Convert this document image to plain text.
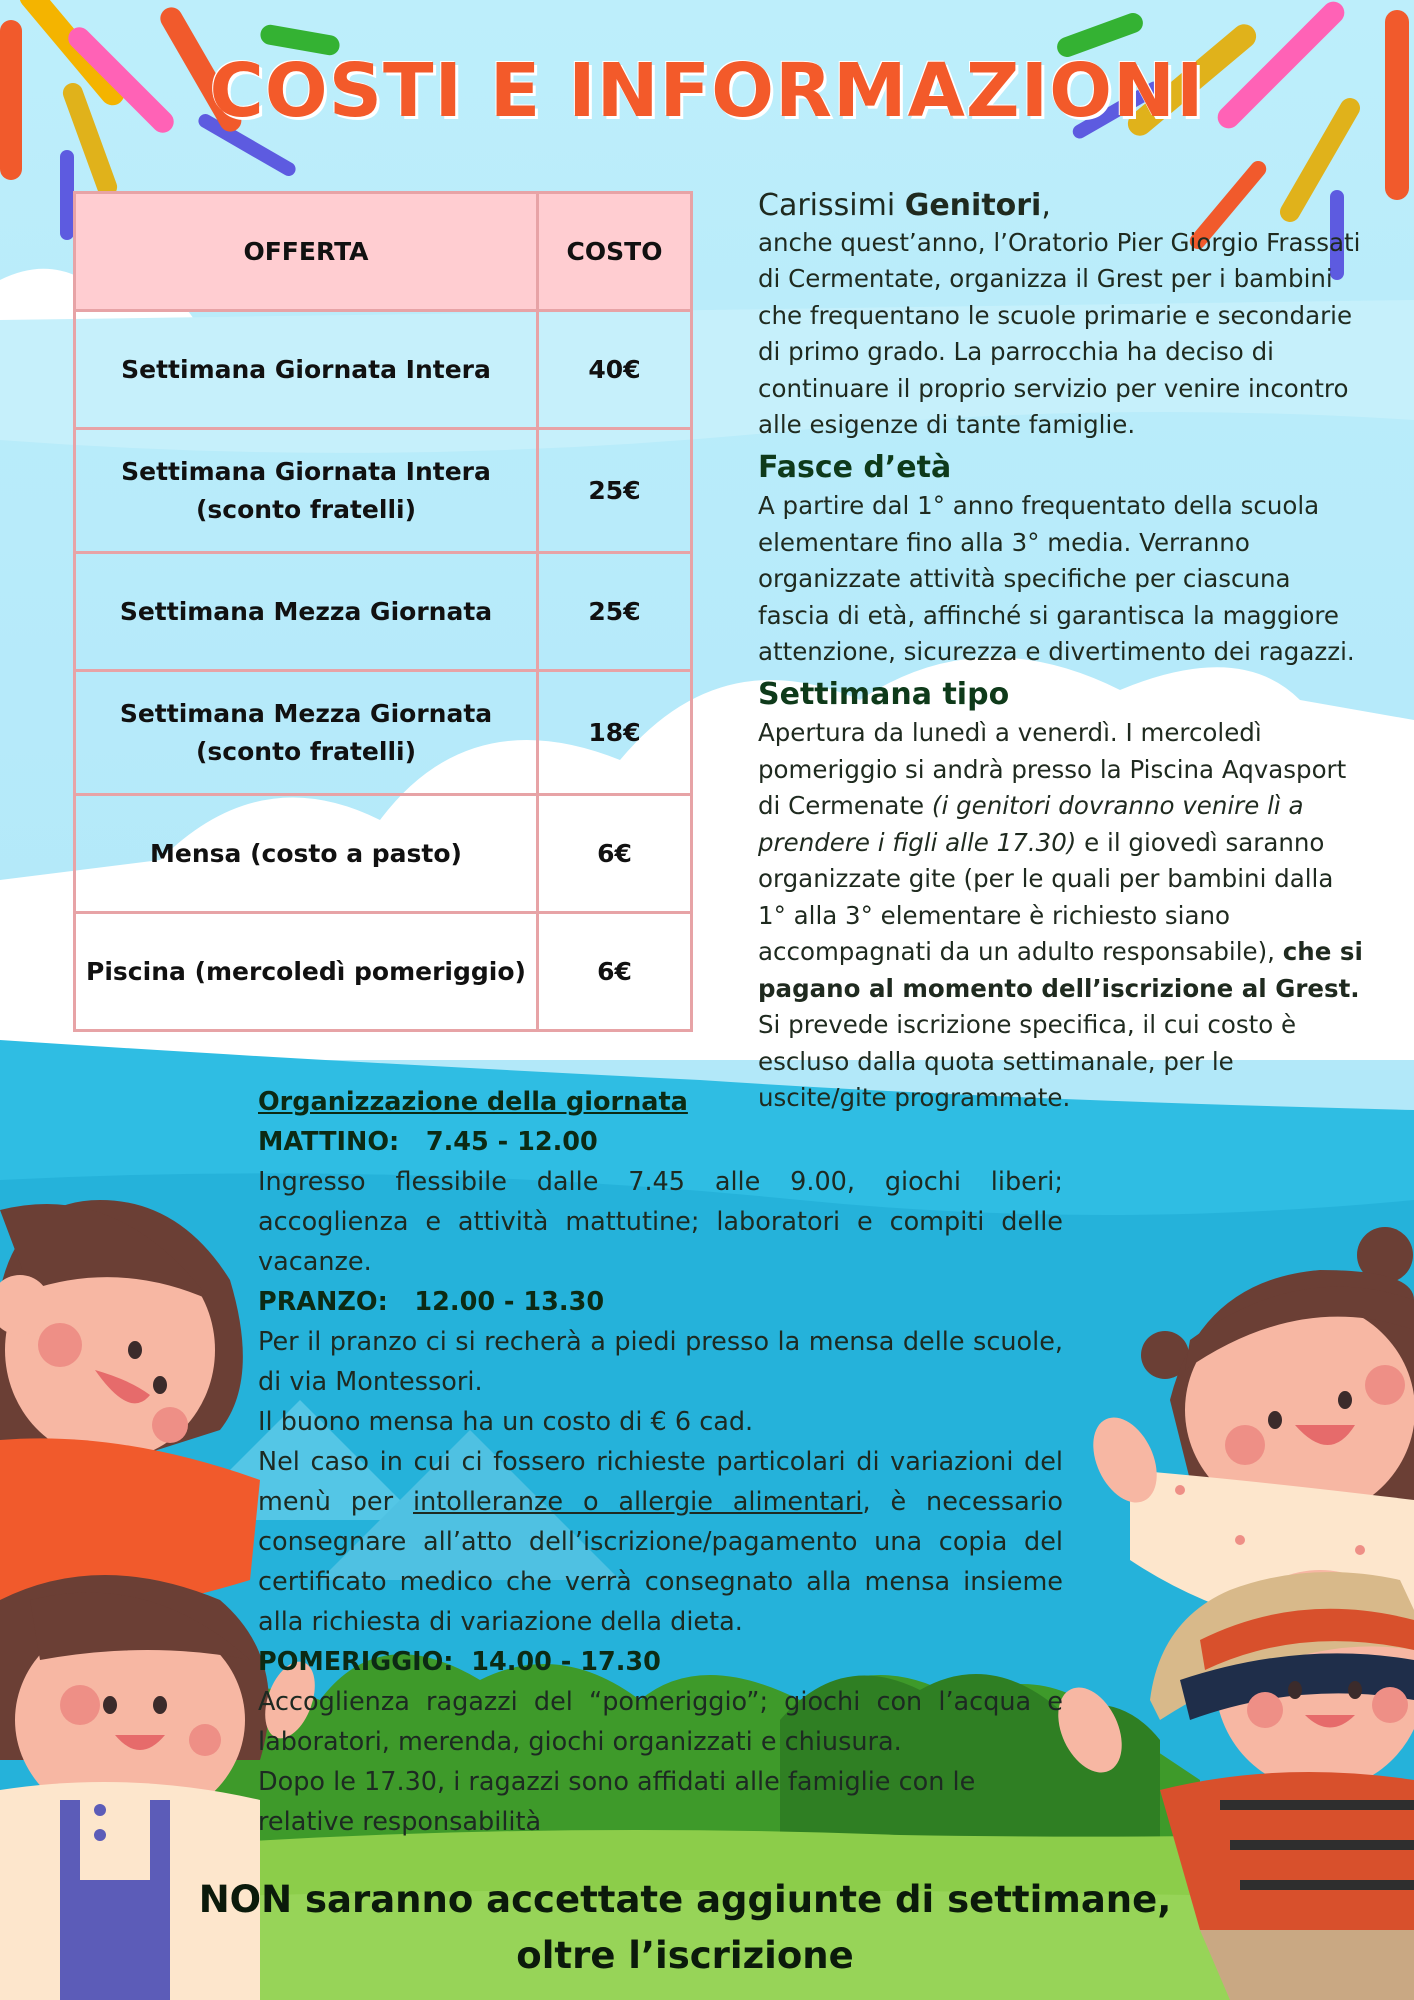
COSTI E INFORMAZIONI
OFFERTA	COSTO

Settimana Giornata Intera	40€

Settimana Giornata Intera
(sconto fratelli)	25€

Settimana Mezza Giornata	25€

Settimana Mezza Giornata
(sconto fratelli)	18€

Mensa (costo a pasto)	6€

Piscina (mercoledì pomeriggio)	6€

Carissimi Genitori,

anche quest’anno, l’Oratorio Pier Giorgio Frassati di Cermentate, organizza il Grest per i bambini che frequentano le scuole primarie e secondarie di primo grado. La parrocchia ha deciso di continuare il proprio servizio per venire incontro alle esigenze di tante famiglie.

Fasce d’età

A partire dal 1° anno frequentato della scuola elementare fino alla 3° media. Verranno organizzate attività specifiche per ciascuna fascia di età, affinché si garantisca la maggiore attenzione, sicurezza e divertimento dei ragazzi.

Settimana tipo

Apertura da lunedì a venerdì. I mercoledì pomeriggio si andrà presso la Piscina Aqvasport di Cermenate (i genitori dovranno venire lì a prendere i figli alle 17.30) e il giovedì saranno organizzate gite (per le quali per bambini dalla 1° alla 3° elementare è richiesto siano accompagnati da un adulto responsabile), che si pagano al momento dell’iscrizione al Grest.

Si prevede iscrizione specifica, il cui costo è escluso dalla quota settimanale, per le uscite/gite programmate.

Organizzazione della giornata

MATTINO:   7.45 - 12.00

Ingresso flessibile dalle 7.45 alle 9.00, giochi liberi; accoglienza e attività mattutine; laboratori e compiti delle vacanze.

PRANZO:   12.00 - 13.30

Per il pranzo ci si recherà a piedi presso la mensa delle scuole, di via Montessori.

Il buono mensa ha un costo di € 6 cad.

Nel caso in cui ci fossero richieste particolari di variazioni del menù per intolleranze o allergie alimentari, è necessario consegnare all’atto dell’iscrizione/pagamento una copia del certificato medico che verrà consegnato alla mensa insieme alla richiesta di variazione della dieta.

POMERIGGIO:  14.00 - 17.30

Accoglienza ragazzi del “pomeriggio”; giochi con l’acqua e laboratori, merenda, giochi organizzati e chiusura.

Dopo le 17.30, i ragazzi sono affidati alle famiglie con le relative responsabilità

NON saranno accettate aggiunte di settimane,
oltre l’iscrizione
